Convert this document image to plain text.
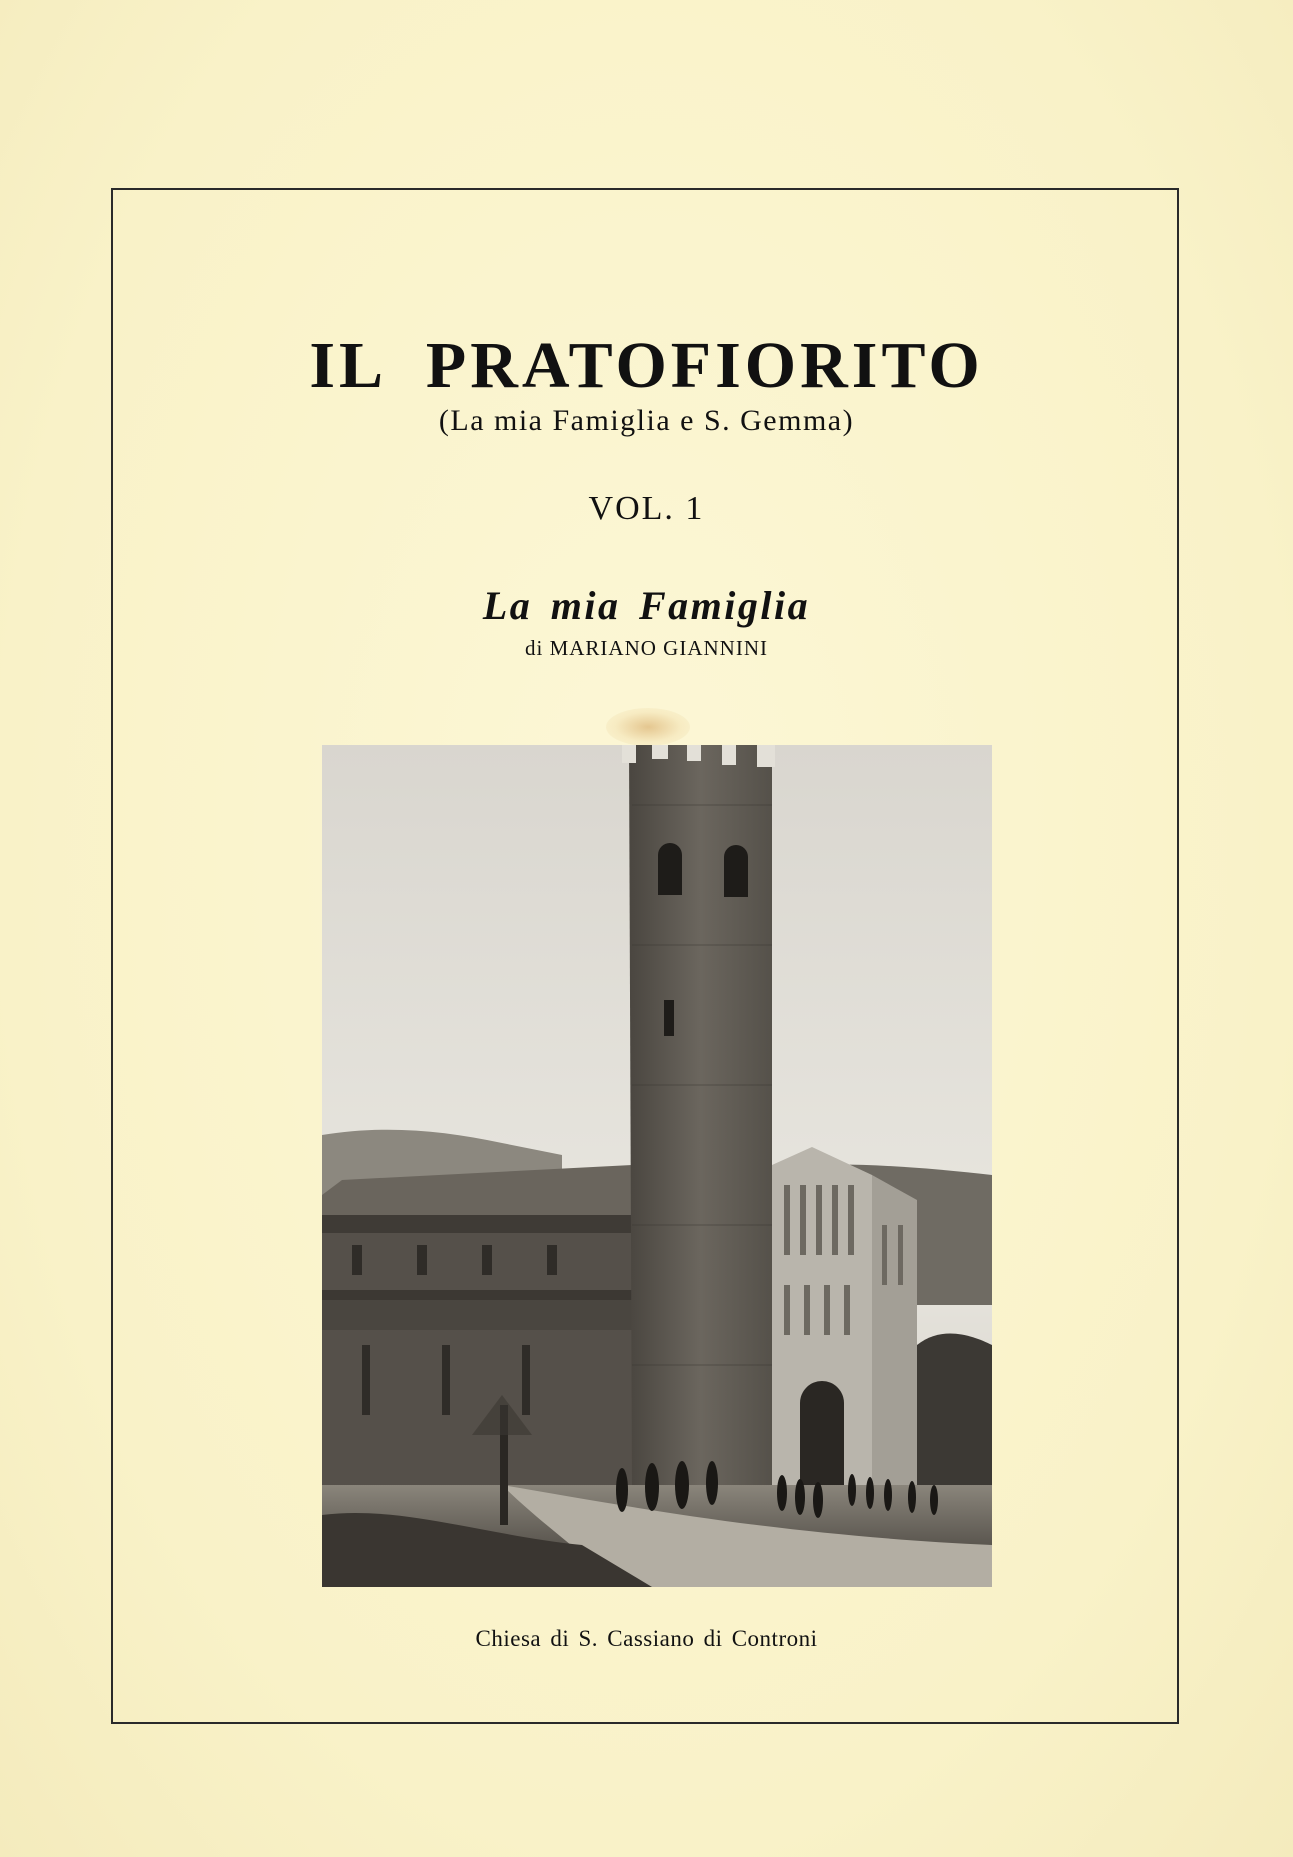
IL PRATOFIORITO
(La mia Famiglia e S. Gemma)
VOL. 1
La mia Famiglia
di MARIANO GIANNINI
Chiesa di S. Cassiano di Controni
